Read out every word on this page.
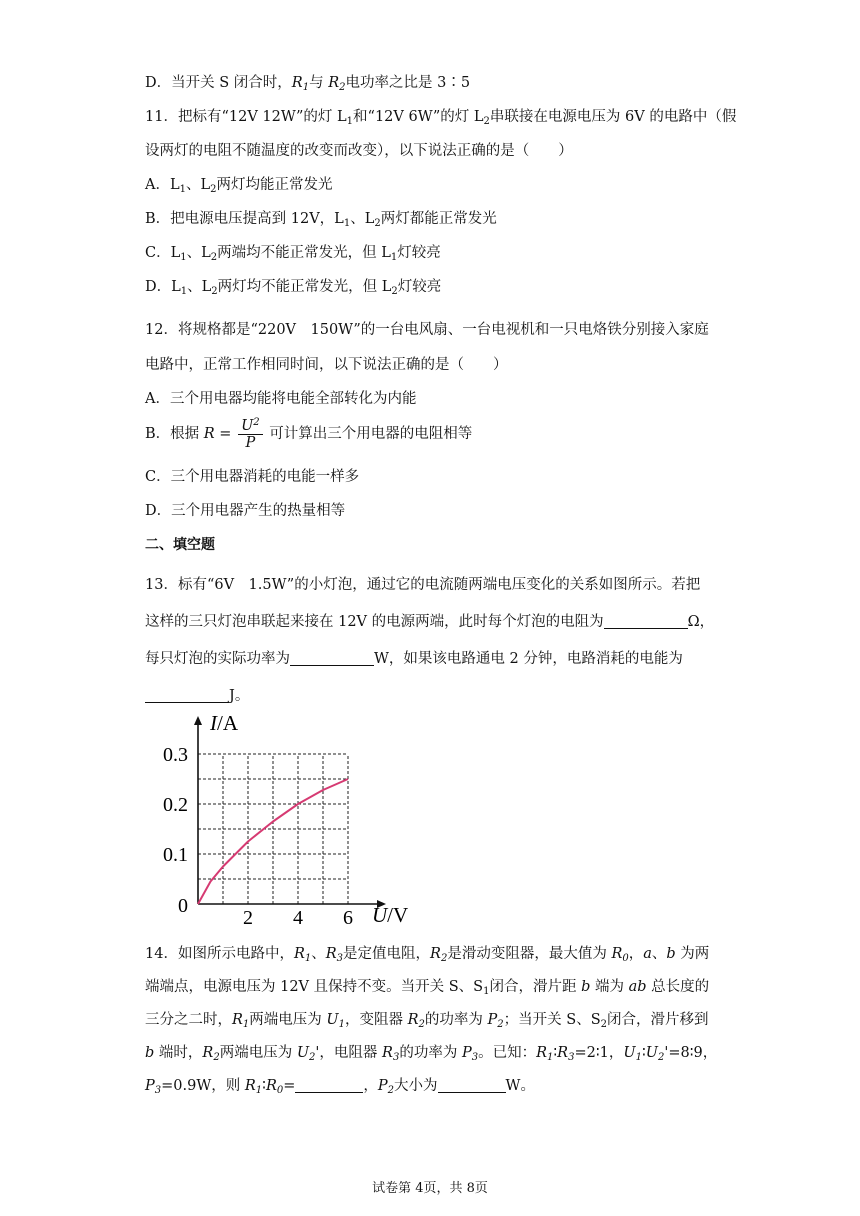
D．当开关 S 闭合时，$R_1$与 $R_2$电功率之比是 3∶5
11．把标有“12V 12W”的灯 $L_1$和“12V 6W”的灯 $L_2$串联接在电源电压为 6V 的电路中（假
设两灯的电阻不随温度的改变而改变），以下说法正确的是（　　）
A．$L_1$、$L_2$两灯均能正常发光
B．把电源电压提高到 12V，$L_1$、$L_2$两灯都能正常发光
C．$L_1$、$L_2$两端均不能正常发光，但 $L_1$灯较亮
D．$L_1$、$L_2$两灯均不能正常发光，但 $L_2$灯较亮
12．将规格都是“220V　150W”的一台电风扇、一台电视机和一只电烙铁分别接入家庭
电路中，正常工作相同时间，以下说法正确的是（　　）
A．三个用电器均能将电能全部转化为内能
B．根据 $R = \frac{U^2}{P}$ 可计算出三个用电器的电阻相等
C．三个用电器消耗的电能一样多
D．三个用电器产生的热量相等
二、填空题
13．标有“6V　1.5W”的小灯泡，通过它的电流随两端电压变化的关系如图所示。若把
这样的三只灯泡串联起来接在 12V 的电源两端，此时每个灯泡的电阻为	Ω，
每只灯泡的实际功率为	W，如果该电路通电 2 分钟，电路消耗的电能为
J。
2 4 6
0.1
0.2
0.3
0
I/A
U/V
14．如图所示电路中，$R_1$、$R_3$是定值电阻，$R_2$是滑动变阻器，最大值为 $R_0$，a、b 为两
端端点，电源电压为 12V 且保持不变。当开关 S、$S_1$闭合，滑片距 b 端为 ab 总长度的
三分之二时，$R_1$两端电压为 $U_1$，变阻器 $R_2$的功率为 $P_2$；当开关 S、$S_2$闭合，滑片移到
b 端时，$R_2$两端电压为 $U_2'$，电阻器 $R_3$的功率为 $P_3$。已知：$R_1∶R_3=2∶1$，$U_1∶U_2'=8∶9$，
$P_3=0.9W$，则 $R_1∶R_0=$	，$P_2$大小为	W。
试卷第 4页，共 8页
